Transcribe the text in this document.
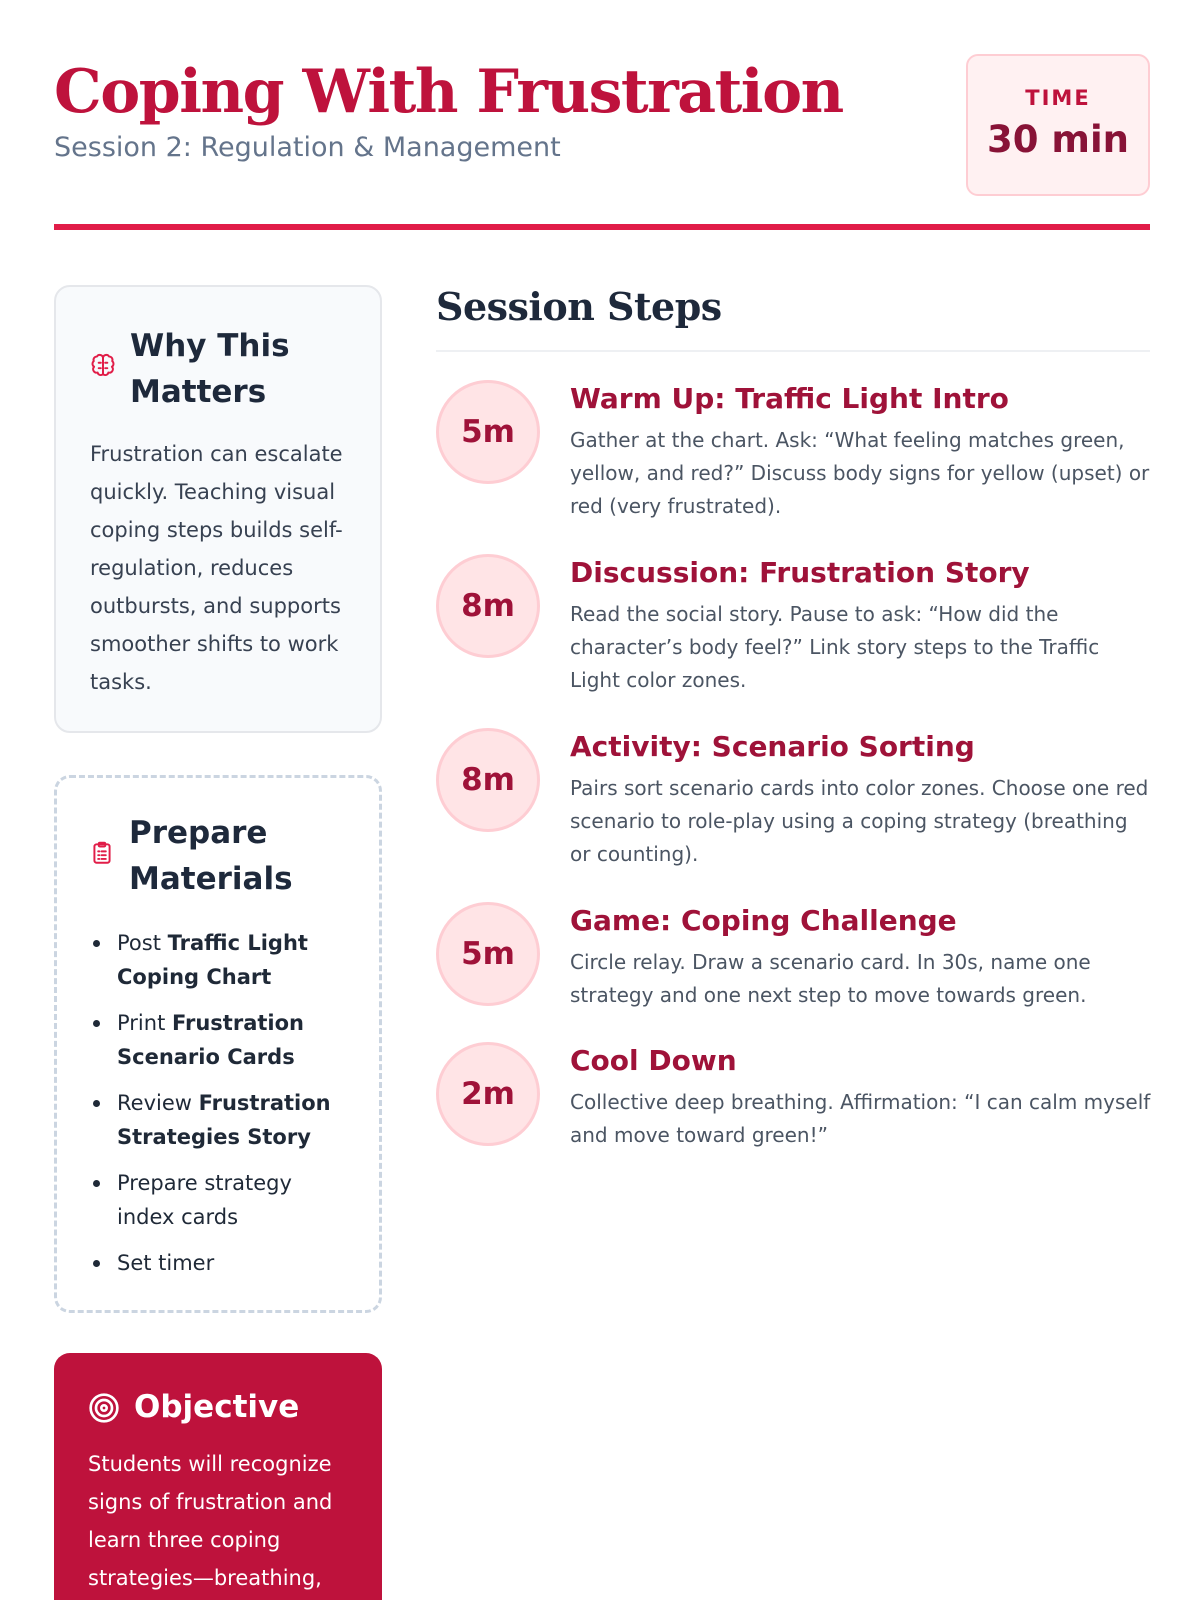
Coping With Frustration
Session 2: Regulation & Management
TIME
30 min
Why This Matters

Frustration can escalate quickly. Teaching visual coping steps builds self-regulation, reduces outbursts, and supports smoother shifts to work tasks.

Prepare Materials
Post Traffic Light Coping Chart
Print Frustration Scenario Cards
Review Frustration Strategies Story
Prepare strategy index cards
Set timer
Objective

Students will recognize signs of frustration and learn three coping strategies—breathing,

Session Steps
5m
Warm Up: Traffic Light Intro

Gather at the chart. Ask: “What feeling matches green, yellow, and red?” Discuss body signs for yellow (upset) or red (very frustrated).

8m
Discussion: Frustration Story

Read the social story. Pause to ask: “How did the character’s body feel?” Link story steps to the Traffic Light color zones.

8m
Activity: Scenario Sorting

Pairs sort scenario cards into color zones. Choose one red scenario to role-play using a coping strategy (breathing or counting).

5m
Game: Coping Challenge

Circle relay. Draw a scenario card. In 30s, name one strategy and one next step to move towards green.

2m
Cool Down

Collective deep breathing. Affirmation: “I can calm myself and move toward green!”
